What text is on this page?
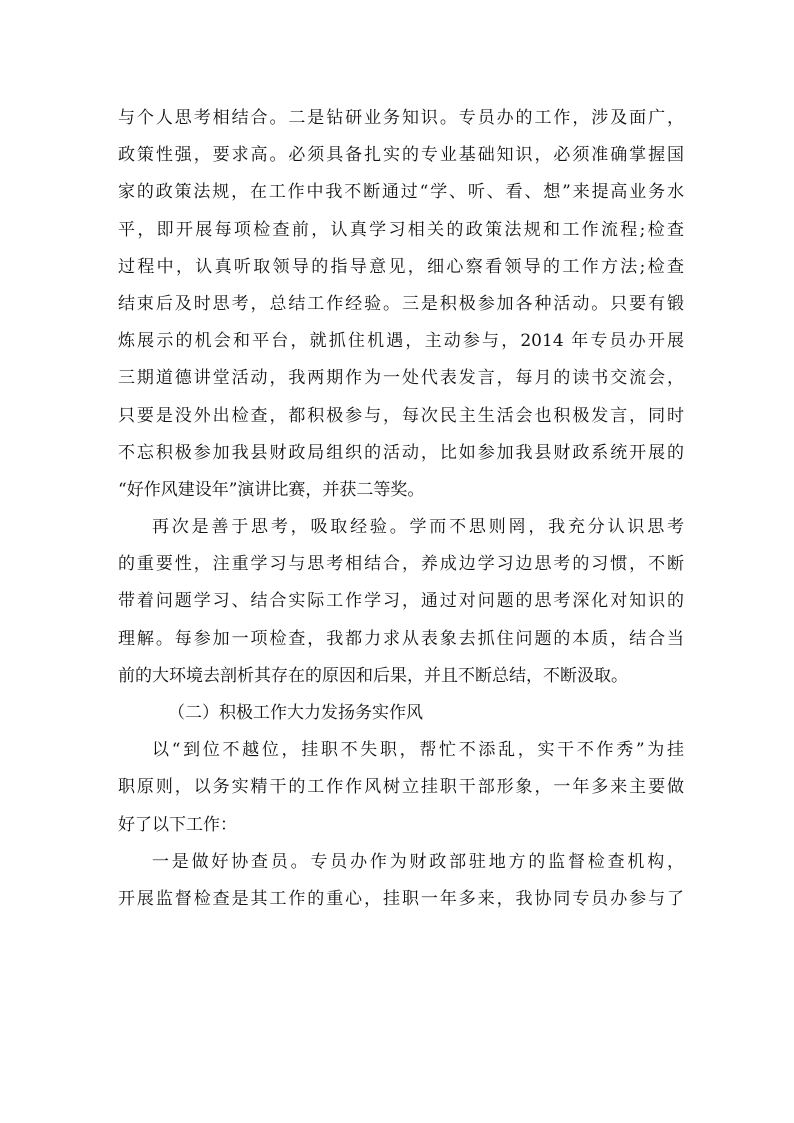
与个人思考相结合。二是钻研业务知识。专员办的工作，涉及面广，
政策性强，要求高。必须具备扎实的专业基础知识，必须准确掌握国
家的政策法规，在工作中我不断通过“学、听、看、想”来提高业务水
平，即开展每项检查前，认真学习相关的政策法规和工作流程;检查
过程中，认真听取领导的指导意见，细心察看领导的工作方法;检查
结束后及时思考，总结工作经验。三是积极参加各种活动。只要有锻
炼展示的机会和平台，就抓住机遇，主动参与，2014 年专员办开展
三期道德讲堂活动，我两期作为一处代表发言，每月的读书交流会，
只要是没外出检查，都积极参与，每次民主生活会也积极发言，同时
不忘积极参加我县财政局组织的活动，比如参加我县财政系统开展的
“好作风建设年”演讲比赛，并获二等奖。
再次是善于思考，吸取经验。学而不思则罔，我充分认识思考
的重要性，注重学习与思考相结合，养成边学习边思考的习惯，不断
带着问题学习、结合实际工作学习，通过对问题的思考深化对知识的
理解。每参加一项检查，我都力求从表象去抓住问题的本质，结合当
前的大环境去剖析其存在的原因和后果，并且不断总结，不断汲取。
（二）积极工作大力发扬务实作风
以“到位不越位，挂职不失职，帮忙不添乱，实干不作秀”为挂
职原则，以务实精干的工作作风树立挂职干部形象，一年多来主要做
好了以下工作：
一是做好协查员。专员办作为财政部驻地方的监督检查机构，
开展监督检查是其工作的重心，挂职一年多来，我协同专员办参与了
